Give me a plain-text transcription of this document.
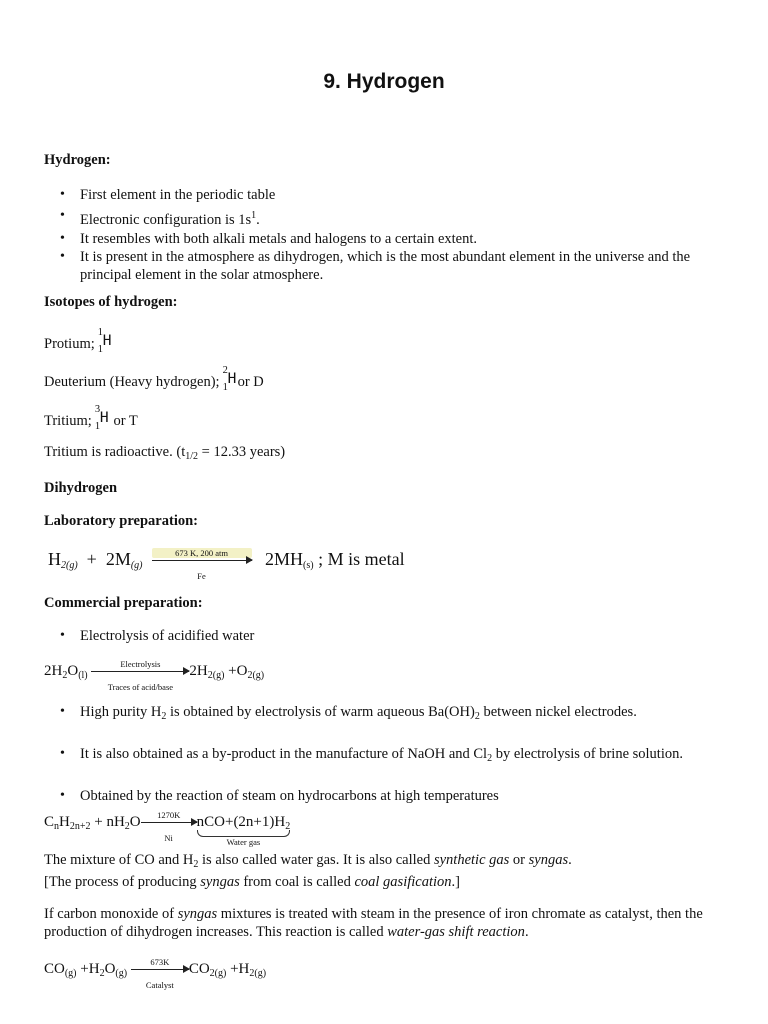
9. Hydrogen
Hydrogen:
• First element in the periodic table
• Electronic configuration is $1s^1$.
• It resembles with both alkali metals and halogens to a certain extent.
• It is present in the atmosphere as dihydrogen, which is the most abundant element in the universe and the principal element in the solar atmosphere.
Isotopes of hydrogen:
Protium;
1
1
H
Deuterium (Heavy hydrogen);
2
1
H or D
Tritium;
3
1
H or T
Tritium is radioactive. ($t_{1/2} = 12.33$ years)
Dihydrogen
Laboratory preparation:
$H_{2(g)} + 2M_{(g)}$
673 K, 200 atm
Fe
$2MH_{(s)}$ ; M is metal
Commercial preparation:
• Electrolysis of acidified water
$2H_2O_{(l)}$
Electrolysis
Traces of acid/base
$2H_{2(g)} +O_{2(g)}$
• High purity $H_2$ is obtained by electrolysis of warm aqueous $Ba(OH)_2$ between nickel electrodes.
• It is also obtained as a by-product in the manufacture of NaOH and $Cl_2$ by electrolysis of brine solution.
• Obtained by the reaction of steam on hydrocarbons at high temperatures
$C_nH_{2n+2} + nH_2O \frac{1270K}{Ni} nCO+(2n+1)H_2$
Water gas

The mixture of CO and $H_2$ is also called water gas. It is also called synthetic gas or syngas.

[The process of producing syngas from coal is called coal gasification.]

If carbon monoxide of syngas mixtures is treated with steam in the presence of iron chromate as catalyst, then the production of dihydrogen increases. This reaction is called water-gas shift reaction.

$CO_{(g)} +H_2O_{(g)}$
673K
Catalyst
$CO_{2(g)} +H_{2(g)}$
